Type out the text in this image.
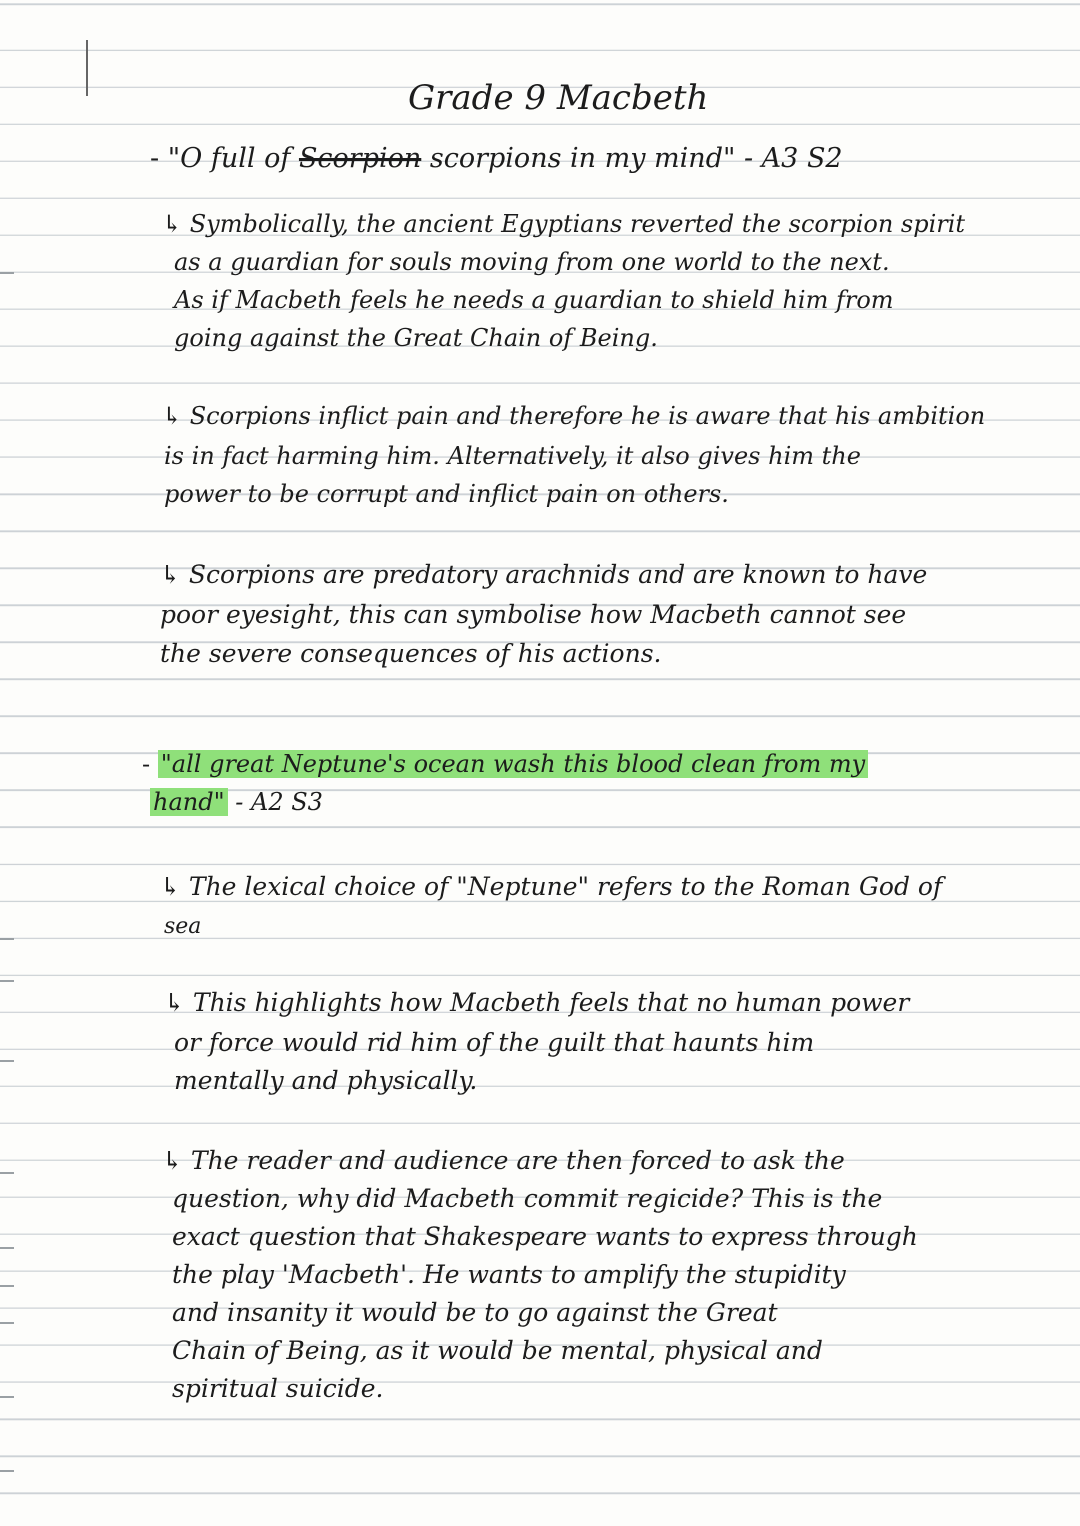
Grade 9 Macbeth
- "O full of Scorpion scorpions in my mind" - A3 S2
↳ Symbolically, the ancient Egyptians reverted the scorpion spirit
as a guardian for souls moving from one world to the next.
As if Macbeth feels he needs a guardian to shield him from
going against the Great Chain of Being.
↳ Scorpions inflict pain and therefore he is aware that his ambition
is in fact harming him. Alternatively, it also gives him the
power to be corrupt and inflict pain on others.
↳ Scorpions are predatory arachnids and are known to have
poor eyesight, this can symbolise how Macbeth cannot see
the severe consequences of his actions.
- "all great Neptune's ocean wash this blood clean from my
hand" - A2 S3
↳ The lexical choice of "Neptune" refers to the Roman God of
sea
↳ This highlights how Macbeth feels that no human power
or force would rid him of the guilt that haunts him
mentally and physically.
↳ The reader and audience are then forced to ask the
question, why did Macbeth commit regicide? This is the
exact question that Shakespeare wants to express through
the play 'Macbeth'. He wants to amplify the stupidity
and insanity it would be to go against the Great
Chain of Being, as it would be mental, physical and
spiritual suicide.
